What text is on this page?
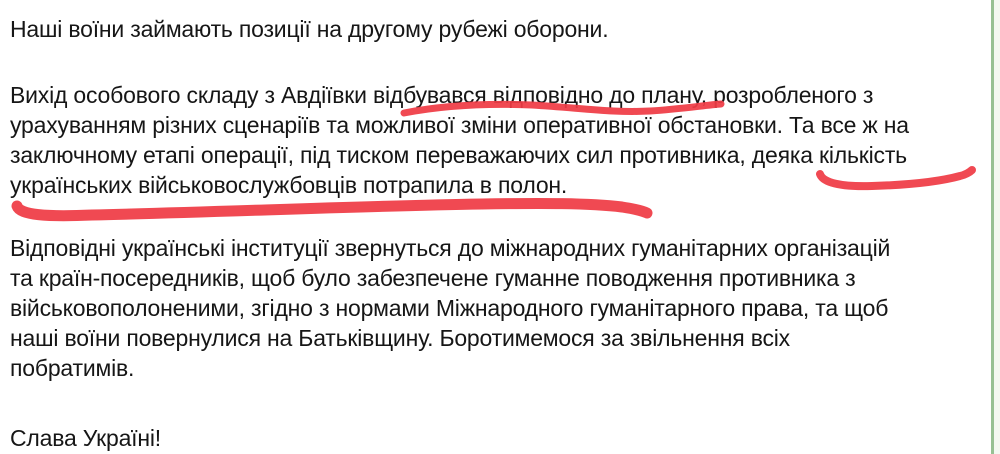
Наші воїни займають позиції на другому рубежі оборони.
Вихід особового складу з Авдіївки відбувався відповідно до плану, розробленого з
урахуванням різних сценаріїв та можливої зміни оперативної обстановки. Та все ж на
заключному етапі операції, під тиском переважаючих сил противника, деяка кількість
українських військовослужбовців потрапила в полон.
Відповідні українські інституції звернуться до міжнародних гуманітарних організацій
та країн-посередників, щоб було забезпечене гуманне поводження противника з
військовополоненими, згідно з нормами Міжнародного гуманітарного права, та щоб
наші воїни повернулися на Батьківщину. Боротимемося за звільнення всіх
побратимів.
Слава Україні!
